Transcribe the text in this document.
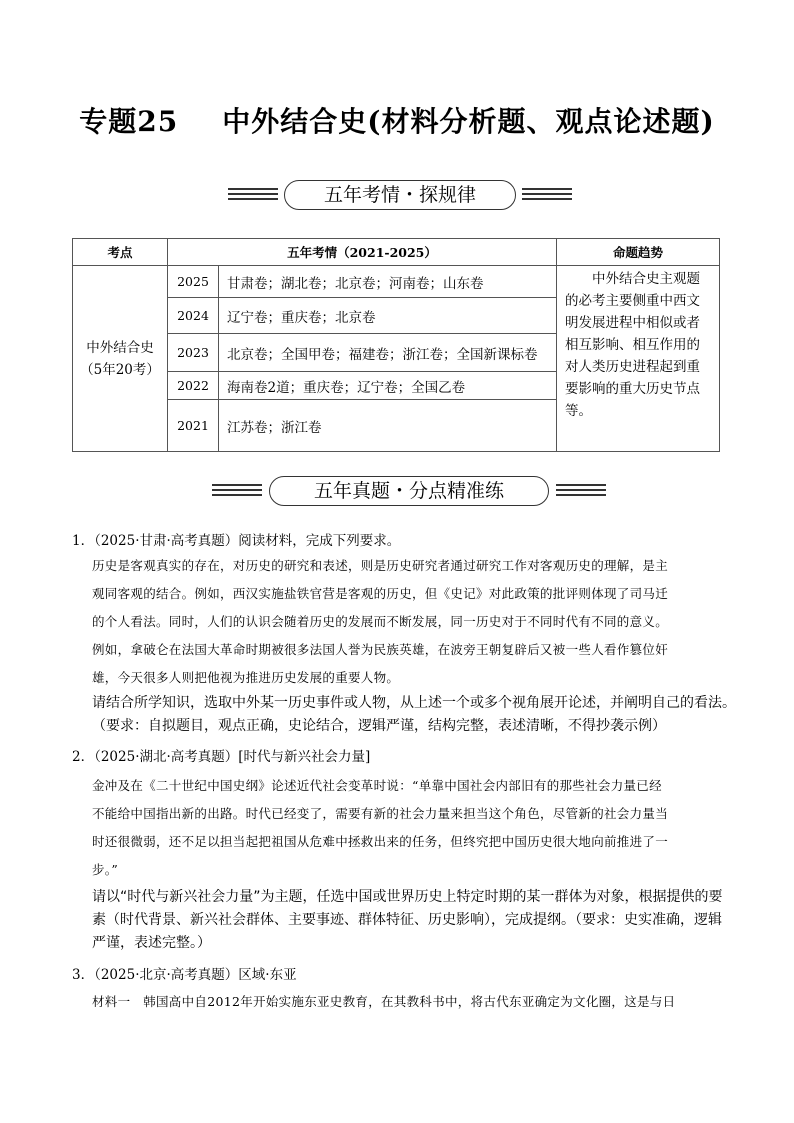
专题25 中外结合史(材料分析题、观点论述题)
五年考情・探规律
考点	五年考情（2021-2025）		命题趋势

中外结合史
（5年20考）	2025	甘肃卷；湖北卷；北京卷；河南卷；山东卷	中外结合史主观题的必考主要侧重中西文明发展进程中相似或者相互影响、相互作用的对人类历史进程起到重要影响的重大历史节点等。
	2024	辽宁卷；重庆卷；北京卷	
	2023	北京卷；全国甲卷；福建卷；浙江卷；全国新课标卷	
	2022	海南卷2道；重庆卷；辽宁卷；全国乙卷	
	2021	江苏卷；浙江卷	
五年真题・分点精准练
1．（2025·甘肃·高考真题）阅读材料，完成下列要求。
历史是客观真实的存在，对历史的研究和表述，则是历史研究者通过研究工作对客观历史的理解，是主
观同客观的结合。例如，西汉实施盐铁官营是客观的历史，但《史记》对此政策的批评则体现了司马迁
的个人看法。同时，人们的认识会随着历史的发展而不断发展，同一历史对于不同时代有不同的意义。
例如，拿破仑在法国大革命时期被很多法国人誉为民族英雄，在波旁王朝复辟后又被一些人看作篡位奸
雄，今天很多人则把他视为推进历史发展的重要人物。
请结合所学知识，选取中外某一历史事件或人物，从上述一个或多个视角展开论述，并阐明自己的看法。
（要求：自拟题目，观点正确，史论结合，逻辑严谨，结构完整，表述清晰，不得抄袭示例）
2．（2025·湖北·高考真题）[时代与新兴社会力量]
金冲及在《二十世纪中国史纲》论述近代社会变革时说：“单靠中国社会内部旧有的那些社会力量已经
不能给中国指出新的出路。时代已经变了，需要有新的社会力量来担当这个角色，尽管新的社会力量当
时还很微弱，还不足以担当起把祖国从危难中拯救出来的任务，但终究把中国历史很大地向前推进了一
步。”
请以“时代与新兴社会力量”为主题，任选中国或世界历史上特定时期的某一群体为对象，根据提供的要
素（时代背景、新兴社会群体、主要事迹、群体特征、历史影响），完成提纲。（要求：史实准确，逻辑
严谨，表述完整。）
3．（2025·北京·高考真题）区域·东亚
材料一　韩国高中自2012年开始实施东亚史教育，在其教科书中，将古代东亚确定为文化圈，这是与日
